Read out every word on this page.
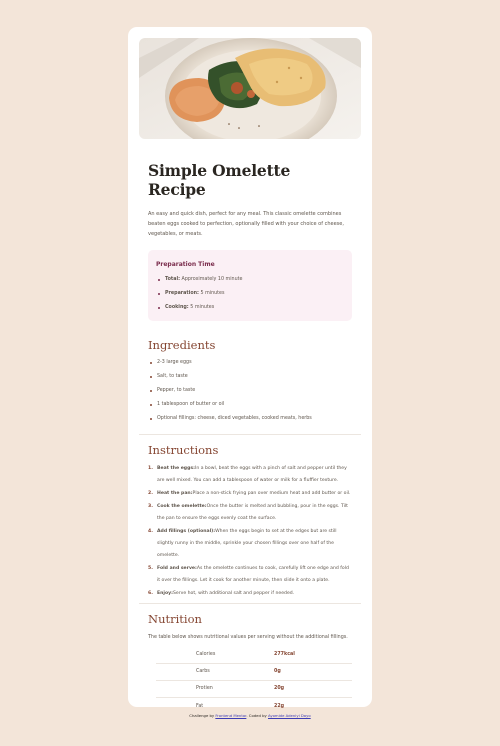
Simple Omelette Recipe

An easy and quick dish, perfect for any meal. This classic omelette combines beaten eggs cooked to perfection, optionally filled with your choice of cheese, vegetables, or meats.

Preparation Time
Total: Approximately 10 minute
Preparation: 5 minutes
Cooking: 5 minutes
Ingredients
2-3 large eggs
Salt, to taste
Pepper, to taste
1 tablespoon of butter or oil
Optional fillings: cheese, diced vegetables, cooked meats, herbs
Instructions
Beat the eggs:In a bowl, beat the eggs with a pinch of salt and pepper until they are well mixed. You can add a tablespoon of water or milk for a fluffier texture.
Heat the pan:Place a non-stick frying pan over medium heat and add butter or oil.
Cook the omelette:Once the butter is melted and bubbling, pour in the eggs. Tilt the pan to ensure the eggs evenly coat the surface.
Add fillings (optional):When the eggs begin to set at the edges but are still slightly runny in the middle, sprinkle your chosen fillings over one half of the omelette.
Fold and serve:As the omelette continues to cook, carefully lift one edge and fold it over the fillings. Let it cook for another minute, then slide it onto a plate.
Enjoy:Serve hot, with additional salt and pepper if needed.
Nutrition

The table below shows nutritional values per serving without the additional fillings.

Calories	277kcal
Carbs	0g
Protien	20g
Fat	22g
Challenge by Frontend Mentor. Coded by Ayomide Adeniyi Dayo
